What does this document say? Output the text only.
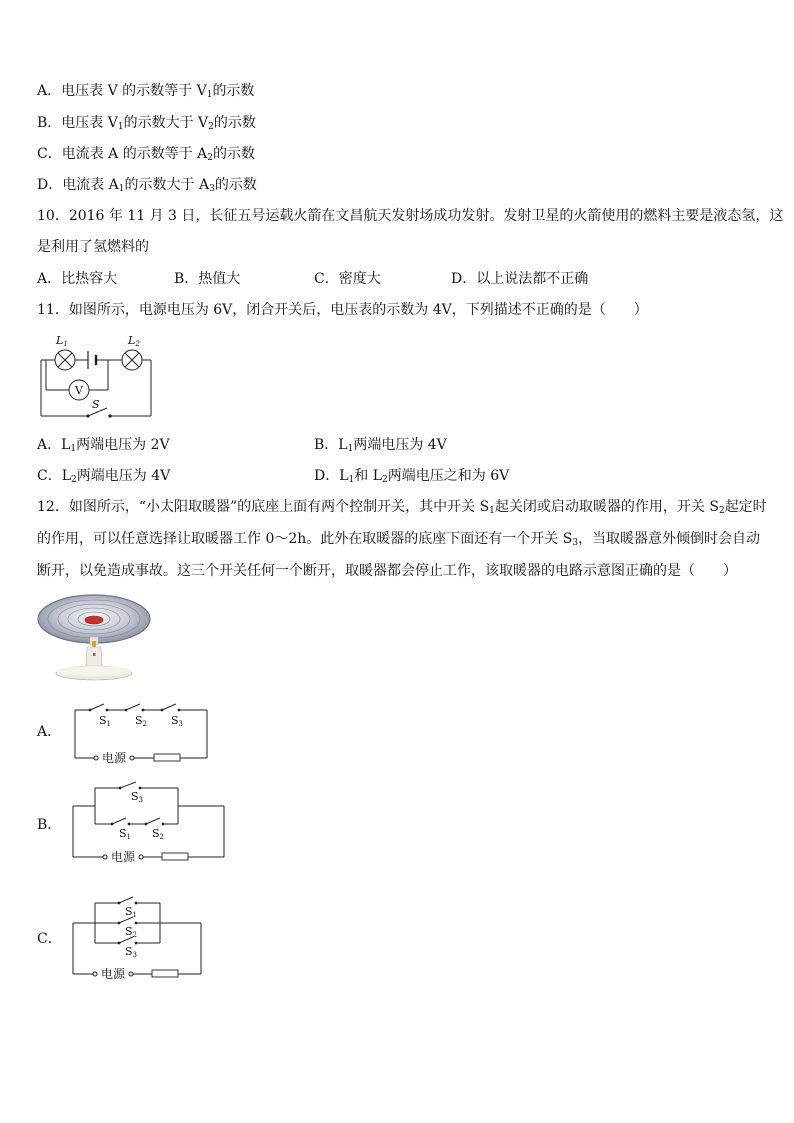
A．电压表 V 的示数等于 $V_1$的示数
B．电压表 $V_1$的示数大于 $V_2$的示数
C．电流表 A 的示数等于 $A_2$的示数
D．电流表 $A_1$的示数大于 $A_3$的示数
10．2016 年 11 月 3 日，长征五号运载火箭在文昌航天发射场成功发射。发射卫星的火箭使用的燃料主要是液态氢，这
是利用了氢燃料的
A．比热容大	B．热值大	C．密度大	D．以上说法都不正确
11．如图所示，电源电压为 6V，闭合开关后，电压表的示数为 4V，下列描述不正确的是（　　）
V
L1	L2
S
A．$L_1$两端电压为 2V	B．$L_1$两端电压为 4V
C．$L_2$两端电压为 4V	D．$L_1$和 $L_2$两端电压之和为 6V
12．如图所示，“小太阳取暖器”的底座上面有两个控制开关，其中开关 $S_1$起关闭或启动取暖器的作用，开关 $S_2$起定时
的作用，可以任意选择让取暖器工作 0～2h。此外在取暖器的底座下面还有一个开关 $S_3$，当取暖器意外倾倒时会自动
断开，以免造成事故。这三个开关任何一个断开，取暖器都会停止工作，该取暖器的电路示意图正确的是（　　）
A．
电源
S1 S2 S3
B．
电源
S3
S1 S2
C．
电源
S1
S2
S3
